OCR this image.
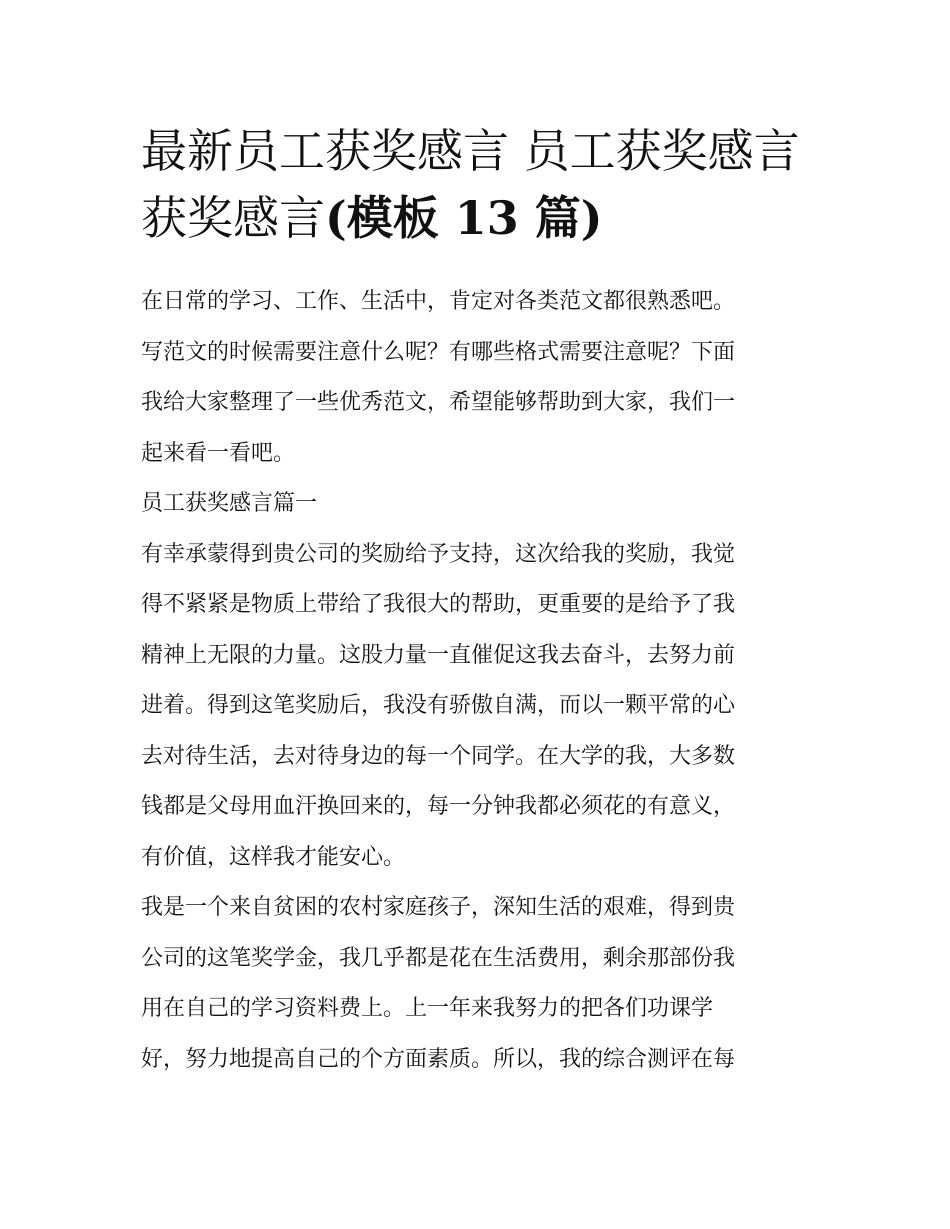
最新员工获奖感言 员工获奖感言获奖感言(模板 13 篇)
在日常的学习、工作、生活中，肯定对各类范文都很熟悉吧。
写范文的时候需要注意什么呢？有哪些格式需要注意呢？下面
我给大家整理了一些优秀范文，希望能够帮助到大家，我们一
起来看一看吧。
员工获奖感言篇一
有幸承蒙得到贵公司的奖励给予支持，这次给我的奖励，我觉
得不紧紧是物质上带给了我很大的帮助，更重要的是给予了我
精神上无限的力量。这股力量一直催促这我去奋斗，去努力前
进着。得到这笔奖励后，我没有骄傲自满，而以一颗平常的心
去对待生活，去对待身边的每一个同学。在大学的我，大多数
钱都是父母用血汗换回来的，每一分钟我都必须花的有意义，
有价值，这样我才能安心。
我是一个来自贫困的农村家庭孩子，深知生活的艰难，得到贵
公司的这笔奖学金，我几乎都是花在生活费用，剩余那部份我
用在自己的学习资料费上。上一年来我努力的把各们功课学
好，努力地提高自己的个方面素质。所以，我的综合测评在每
